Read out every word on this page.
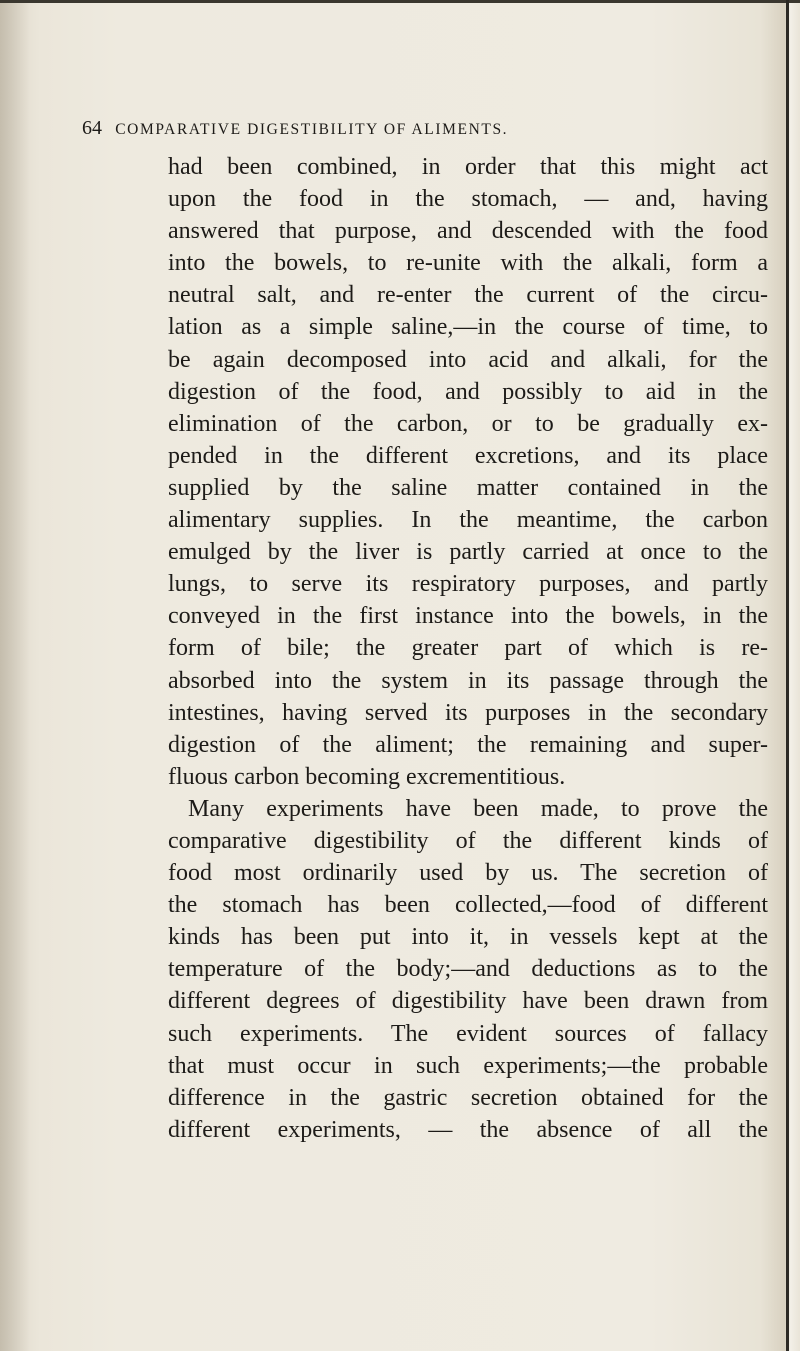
64 COMPARATIVE DIGESTIBILITY OF ALIMENTS.
had been combined, in order that this might act
upon the food in the stomach, — and, having
answered that purpose, and descended with the food
into the bowels, to re-unite with the alkali, form a
neutral salt, and re-enter the current of the circu-
lation as a simple saline,—in the course of time, to
be again decomposed into acid and alkali, for the
digestion of the food, and possibly to aid in the
elimination of the carbon, or to be gradually ex-
pended in the different excretions, and its place
supplied by the saline matter contained in the
alimentary supplies. In the meantime, the carbon
emulged by the liver is partly carried at once to the
lungs, to serve its respiratory purposes, and partly
conveyed in the first instance into the bowels, in the
form of bile; the greater part of which is re-
absorbed into the system in its passage through the
intestines, having served its purposes in the secondary
digestion of the aliment; the remaining and super-
fluous carbon becoming excrementitious.
Many experiments have been made, to prove the
comparative digestibility of the different kinds of
food most ordinarily used by us. The secretion of
the stomach has been collected,—food of different
kinds has been put into it, in vessels kept at the
temperature of the body;—and deductions as to the
different degrees of digestibility have been drawn from
such experiments. The evident sources of fallacy
that must occur in such experiments;—the probable
difference in the gastric secretion obtained for the
different experiments, — the absence of all the
